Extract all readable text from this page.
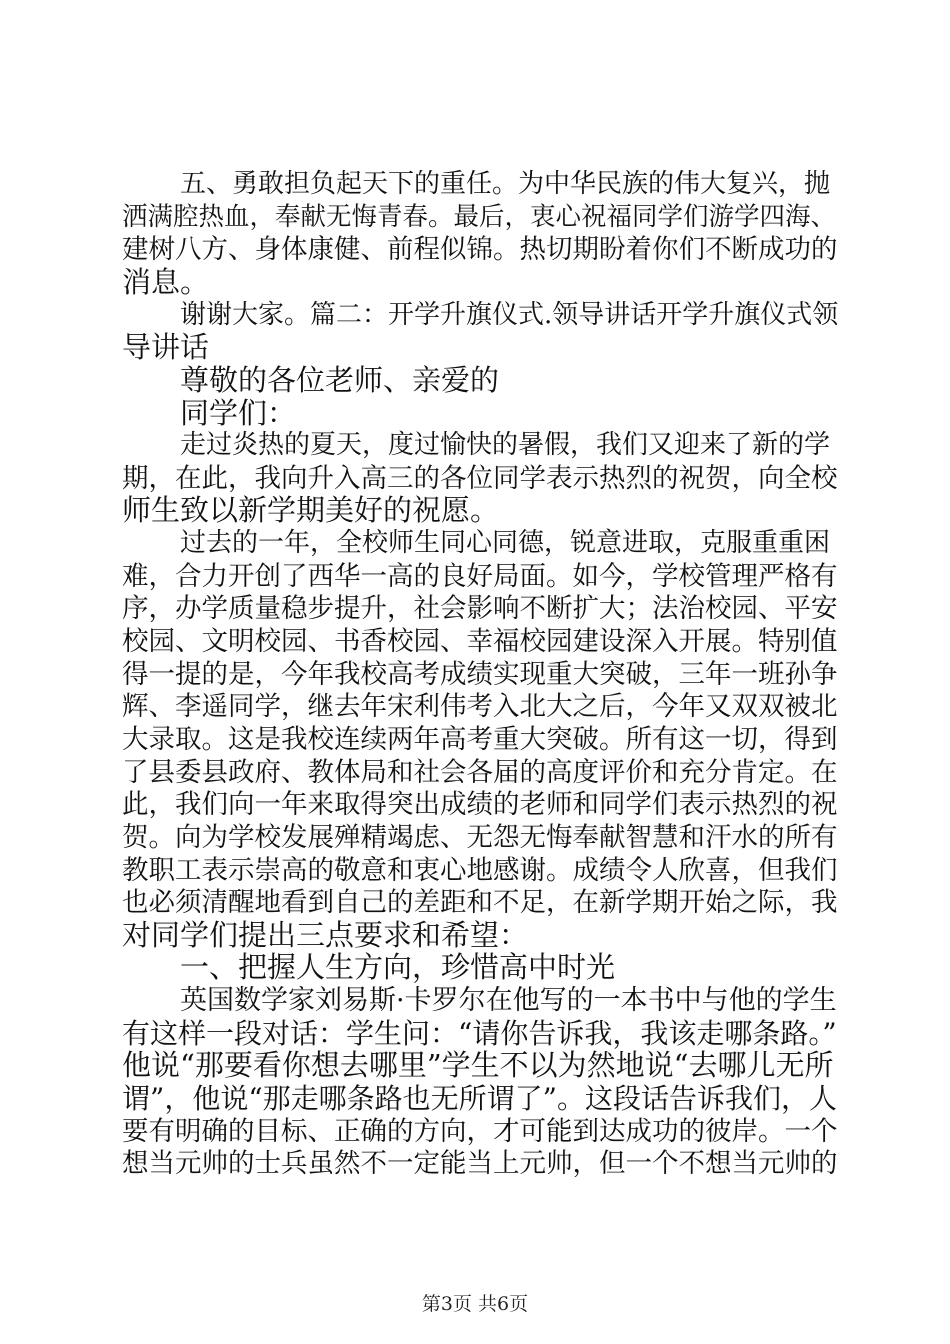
五、勇敢担负起天下的重任。为中华民族的伟大复兴，抛
洒满腔热血，奉献无悔青春。最后，衷心祝福同学们游学四海、
建树八方、身体康健、前程似锦。热切期盼着你们不断成功的
消息。
谢谢大家。篇二：开学升旗仪式.领导讲话开学升旗仪式领
导讲话
尊敬的各位老师、亲爱的
同学们：
走过炎热的夏天，度过愉快的暑假，我们又迎来了新的学
期，在此，我向升入高三的各位同学表示热烈的祝贺，向全校
师生致以新学期美好的祝愿。
过去的一年，全校师生同心同德，锐意进取，克服重重困
难，合力开创了西华一高的良好局面。如今，学校管理严格有
序，办学质量稳步提升，社会影响不断扩大；法治校园、平安
校园、文明校园、书香校园、幸福校园建设深入开展。特别值
得一提的是，今年我校高考成绩实现重大突破，三年一班孙争
辉、李遥同学，继去年宋利伟考入北大之后，今年又双双被北
大录取。这是我校连续两年高考重大突破。所有这一切，得到
了县委县政府、教体局和社会各届的高度评价和充分肯定。在
此，我们向一年来取得突出成绩的老师和同学们表示热烈的祝
贺。向为学校发展殚精竭虑、无怨无悔奉献智慧和汗水的所有
教职工表示崇高的敬意和衷心地感谢。成绩令人欣喜，但我们
也必须清醒地看到自己的差距和不足，在新学期开始之际，我
对同学们提出三点要求和希望：
一、把握人生方向，珍惜高中时光
英国数学家刘易斯·卡罗尔在他写的一本书中与他的学生
有这样一段对话：学生问：“请你告诉我，我该走哪条路。”
他说“那要看你想去哪里”学生不以为然地说“去哪儿无所
谓”，他说“那走哪条路也无所谓了”。这段话告诉我们，人
要有明确的目标、正确的方向，才可能到达成功的彼岸。一个
想当元帅的士兵虽然不一定能当上元帅，但一个不想当元帅的
第3页 共6页
